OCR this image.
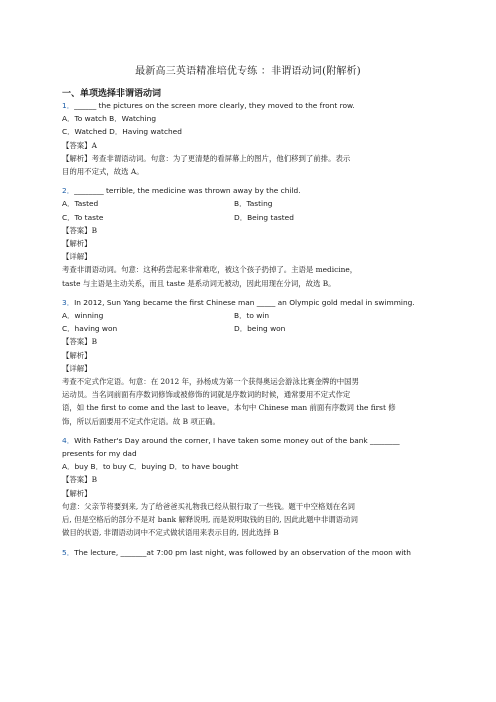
最新高三英语精准培优专练 ：非谓语动词(附解析)
一、单项选择非谓语动词
1．______ the pictures on the screen more clearly, they moved to the front row.
A．To watch B．Watching
C．Watched D．Having watched
【答案】A
【解析】考查非谓语动词。句意：为了更清楚的看屏幕上的图片，他们移到了前排。表示
目的用不定式，故选 A。
2．________ terrible, the medicine was thrown away by the child.
A．Tasted	B．Tasting
C．To taste	D．Being tasted
【答案】B
【解析】
【详解】
考查非谓语动词。句意：这种药尝起来非常难吃，被这个孩子扔掉了。主语是 medicine，
taste 与主语是主动关系，而且 taste 是系动词无被动，因此用现在分词，故选 B。
3．In 2012, Sun Yang became the first Chinese man _____ an Olympic gold medal in swimming.
A．winning	B．to win
C．having won	D．being won
【答案】B
【解析】
【详解】
考查不定式作定语。句意：在 2012 年，孙杨成为第一个获得奥运会游泳比赛金牌的中国男
运动员。当名词前面有序数词修饰或被修饰的词就是序数词的时候，通常要用不定式作定
语，如 the first to come and the last to leave。本句中 Chinese man 前面有序数词 the first 修
饰，所以后面要用不定式作定语。故 B 项正确。
4．With Father's Day around the corner, I have taken some money out of the bank ________
presents for my dad
A．buy B．to buy C．buying D．to have bought
【答案】B
【解析】
句意：父亲节将要到来, 为了给爸爸买礼物我已经从银行取了一些钱。题干中空格划在名词
后, 但是空格后的部分不是对 bank 解释说明, 而是说明取钱的目的, 因此此题中非谓语动词
做目的状语, 非谓语动词中不定式做状语用来表示目的, 因此选择 B
5．The lecture, _______at 7:00 pm last night, was followed by an observation of the moon with
